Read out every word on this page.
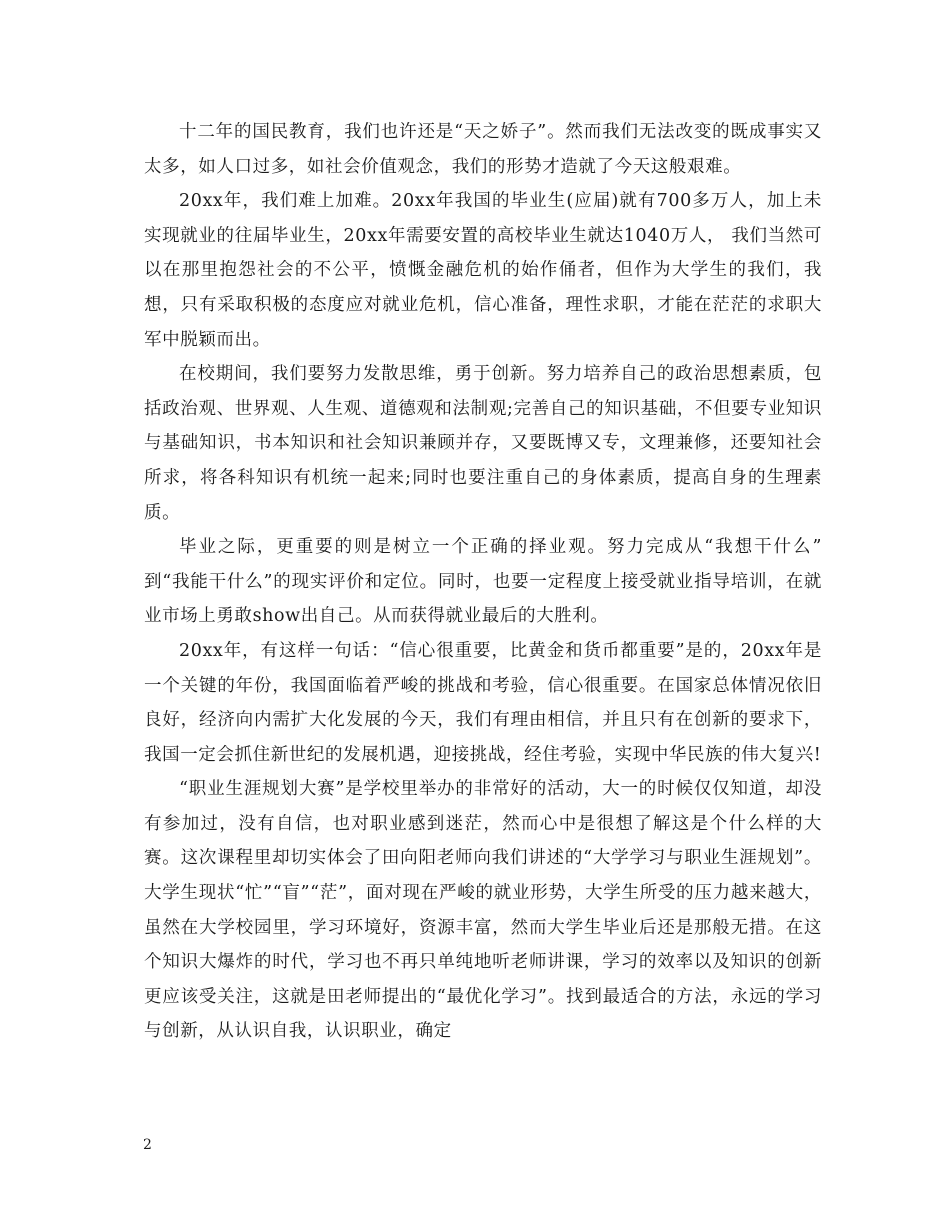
十二年的国民教育，我们也许还是“天之娇子”。然而我们无法改变的既成事实又太多，如人口过多，如社会价值观念，我们的形势才造就了今天这般艰难。

20xx年，我们难上加难。20xx年我国的毕业生(应届)就有700多万人，加上未实现就业的往届毕业生，20xx年需要安置的高校毕业生就达1040万人， 我们当然可以在那里抱怨社会的不公平，愤慨金融危机的始作俑者，但作为大学生的我们，我想，只有采取积极的态度应对就业危机，信心准备，理性求职，才能在茫茫的求职大军中脱颖而出。

在校期间，我们要努力发散思维，勇于创新。努力培养自己的政治思想素质，包括政治观、世界观、人生观、道德观和法制观;完善自己的知识基础，不但要专业知识与基础知识，书本知识和社会知识兼顾并存，又要既博又专，文理兼修，还要知社会所求，将各科知识有机统一起来;同时也要注重自己的身体素质，提高自身的生理素质。

毕业之际，更重要的则是树立一个正确的择业观。努力完成从“我想干什么” 到“我能干什么”的现实评价和定位。同时，也要一定程度上接受就业指导培训，在就业市场上勇敢show出自己。从而获得就业最后的大胜利。

20xx年，有这样一句话：“信心很重要，比黄金和货币都重要”是的，20xx年是一个关键的年份，我国面临着严峻的挑战和考验，信心很重要。在国家总体情况依旧良好，经济向内需扩大化发展的今天，我们有理由相信，并且只有在创新的要求下，我国一定会抓住新世纪的发展机遇，迎接挑战，经住考验，实现中华民族的伟大复兴!

“职业生涯规划大赛”是学校里举办的非常好的活动，大一的时候仅仅知道，却没有参加过，没有自信，也对职业感到迷茫，然而心中是很想了解这是个什么样的大赛。这次课程里却切实体会了田向阳老师向我们讲述的“大学学习与职业生涯规划”。大学生现状“忙”“盲”“茫”，面对现在严峻的就业形势，大学生所受的压力越来越大，虽然在大学校园里，学习环境好，资源丰富，然而大学生毕业后还是那般无措。在这个知识大爆炸的时代，学习也不再只单纯地听老师讲课，学习的效率以及知识的创新更应该受关注，这就是田老师提出的“最优化学习”。找到最适合的方法，永远的学习与创新，从认识自我，认识职业，确定

2
